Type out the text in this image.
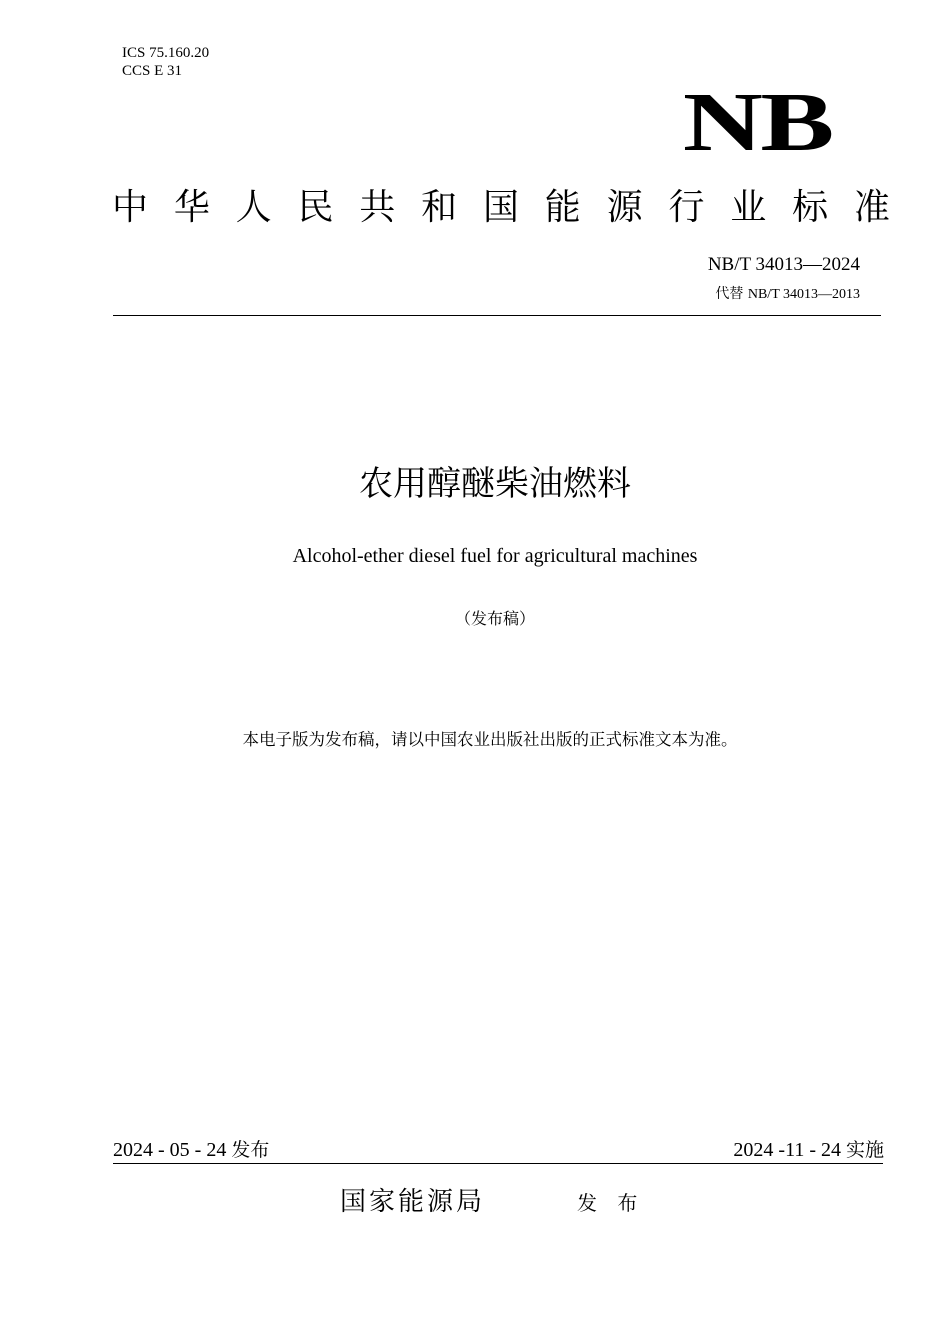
ICS 75.160.20
CCS E 31
NB
中 华 人 民 共 和 国 能 源 行 业 标 准
NB/T 34013—2024
代替 NB/T 34013—2013
农用醇醚柴油燃料
Alcohol-ether diesel fuel for agricultural machines
（发布稿）
本电子版为发布稿，请以中国农业出版社出版的正式标准文本为准。
2024 - 05 - 24 发布	2024 -11 - 24 实施
国家能源局	发 布
